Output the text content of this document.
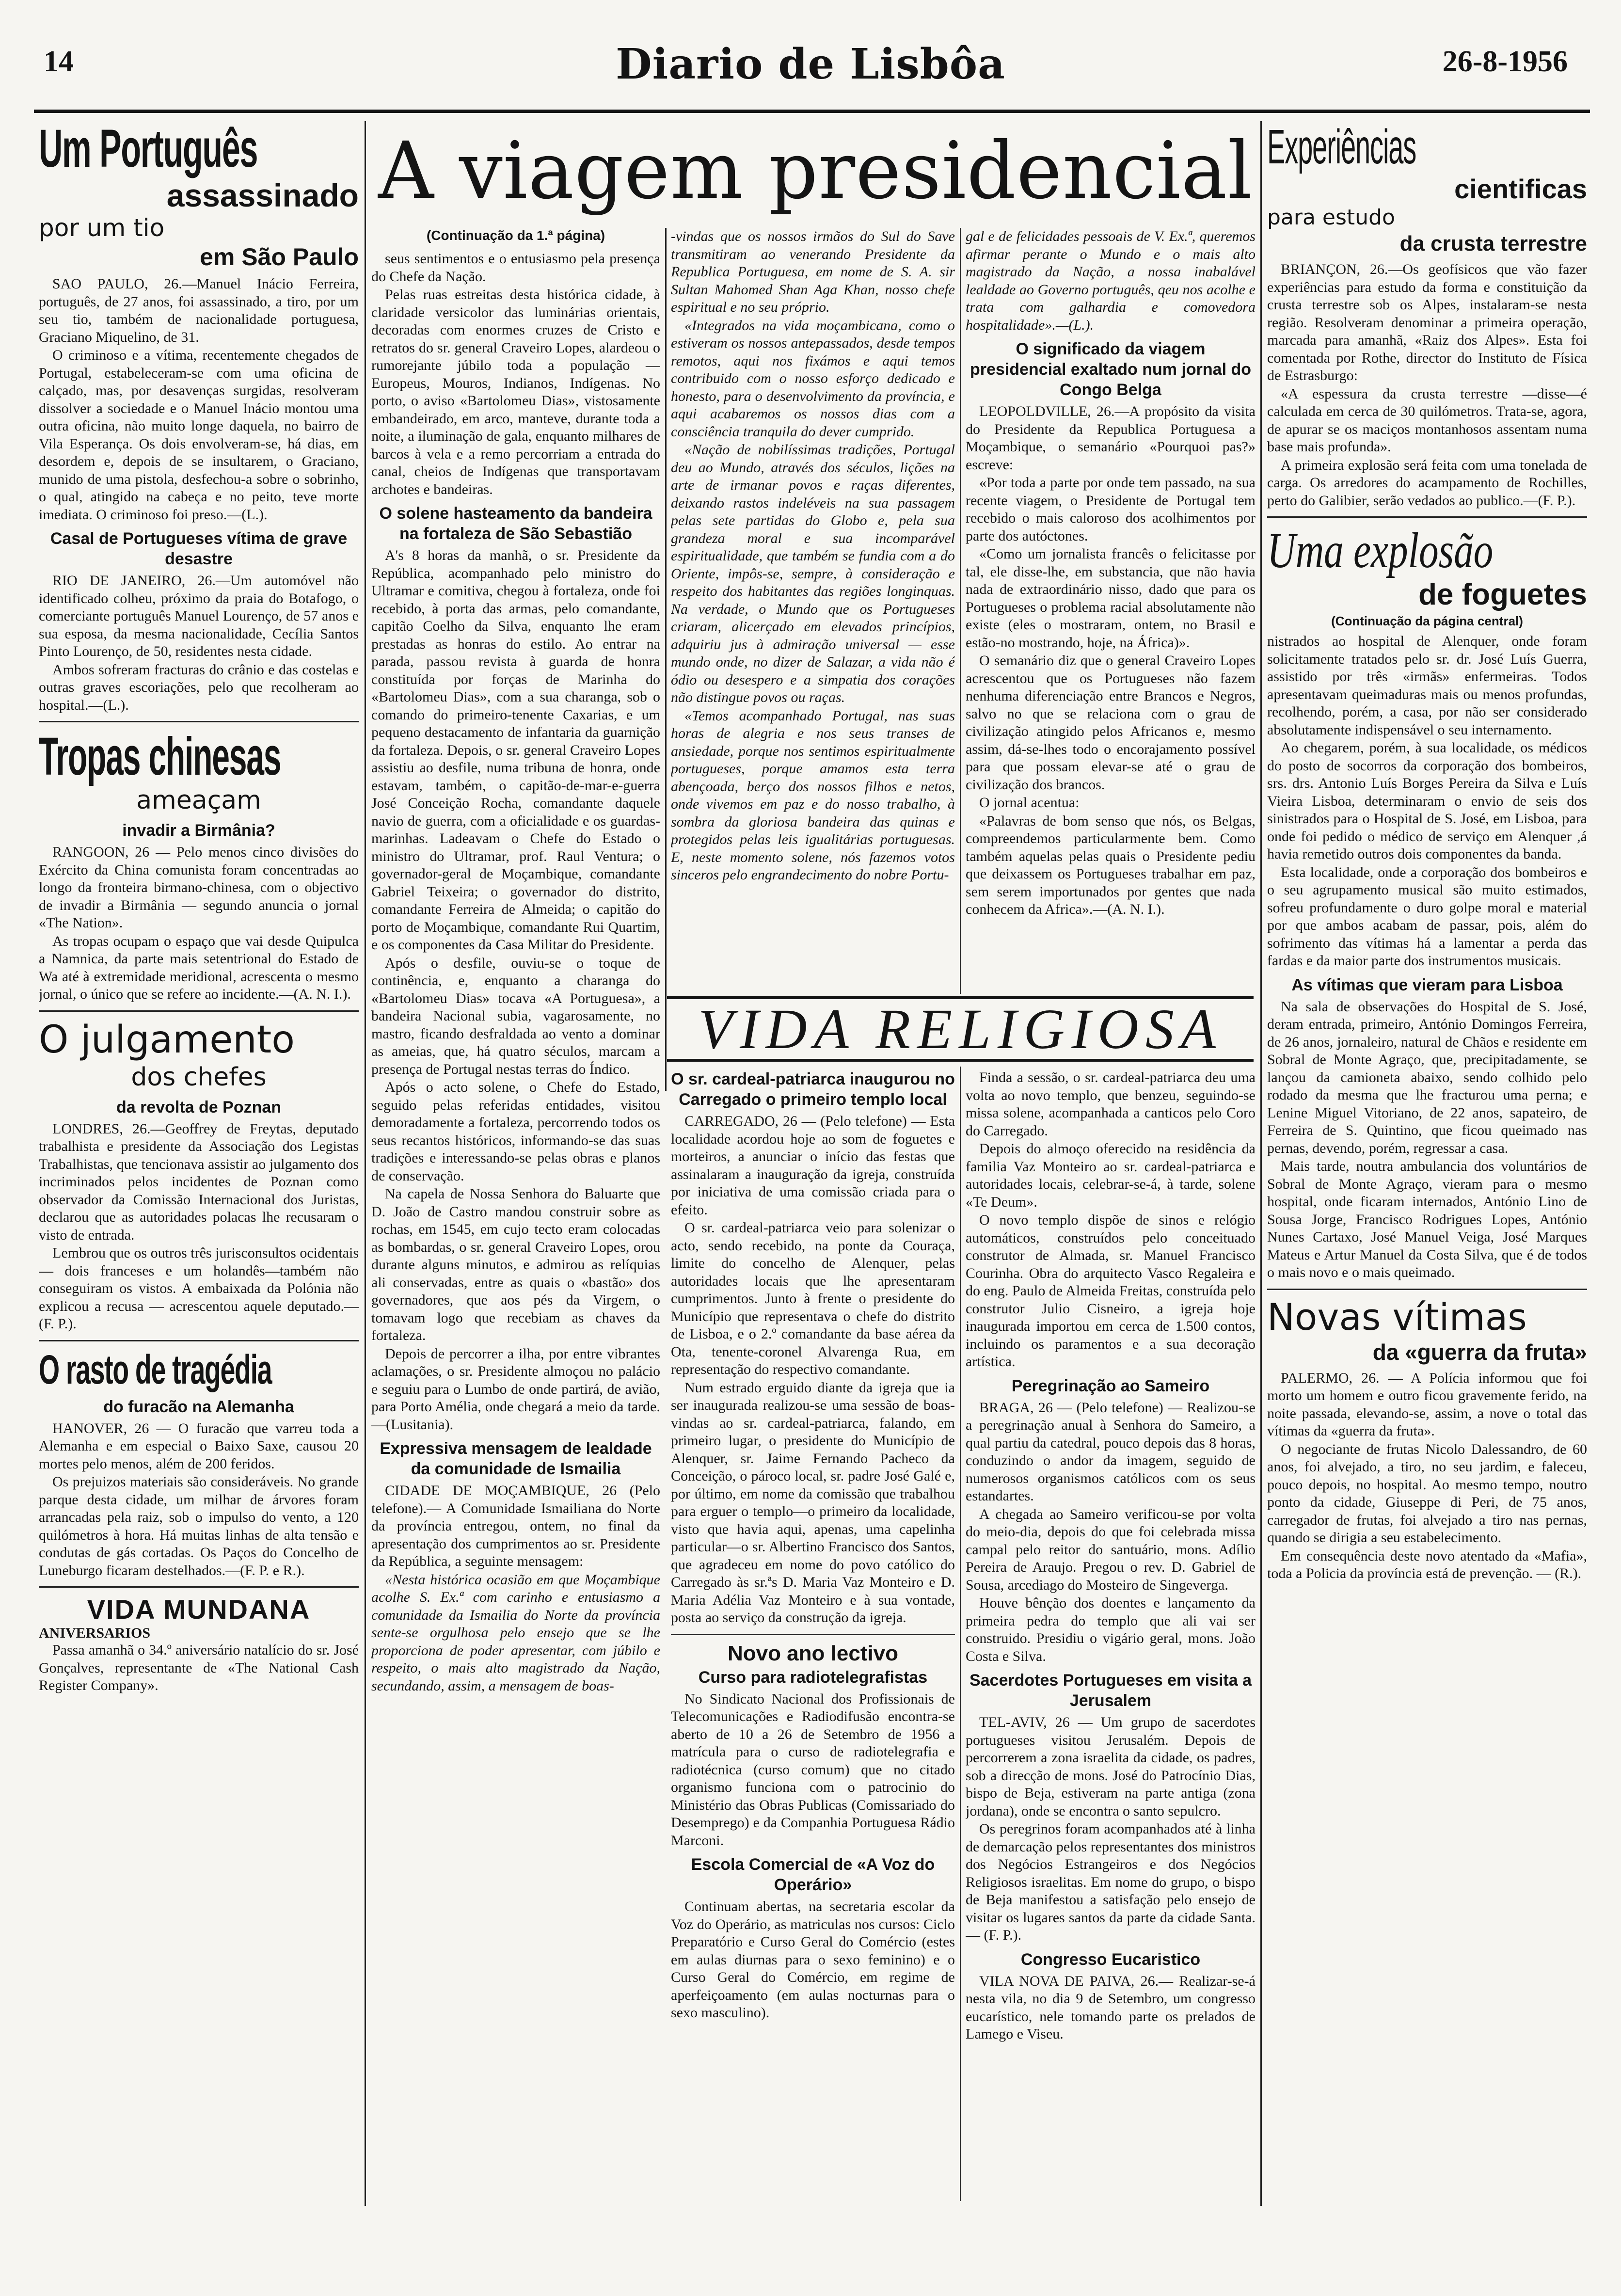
14	Diario de Lisbôa	26-8-1956
A viagem presidencial
Um Português
assassinado
por um tio
em São Paulo

SAO PAULO, 26.—Manuel Inácio Ferreira, português, de 27 anos, foi assassinado, a tiro, por um seu tio, também de nacionalidade portuguesa, Graciano Miquelino, de 31.

O criminoso e a vítima, recentemente chegados de Portugal, estabeleceram-se com uma oficina de calçado, mas, por desavenças surgidas, resolveram dissolver a sociedade e o Manuel Inácio montou uma outra oficina, não muito longe daquela, no bairro de Vila Esperança. Os dois envolveram-se, há dias, em desordem e, depois de se insultarem, o Graciano, munido de uma pistola, desfechou-a sobre o sobrinho, o qual, atingido na cabeça e no peito, teve morte imediata. O criminoso foi preso.—(L.).

Casal de Portugueses vítima de grave desastre

RIO DE JANEIRO, 26.—Um automóvel não identificado colheu, próximo da praia do Botafogo, o comerciante português Manuel Lourenço, de 57 anos e sua esposa, da mesma nacionalidade, Cecília Santos Pinto Lourenço, de 50, residentes nesta cidade.

Ambos sofreram fracturas do crânio e das costelas e outras graves escoriações, pelo que recolheram ao hospital.—(L.).

Tropas chinesas
ameaçam
invadir a Birmânia?

RANGOON, 26 — Pelo menos cinco divisões do Exército da China comunista foram concentradas ao longo da fronteira birmano-chinesa, com o objectivo de invadir a Birmânia — segundo anuncia o jornal «The Nation».

As tropas ocupam o espaço que vai desde Quipulca a Namnica, da parte mais setentrional do Estado de Wa até à extremidade meridional, acrescenta o mesmo jornal, o único que se refere ao incidente.—(A. N. I.).

O julgamento
dos chefes
da revolta de Poznan

LONDRES, 26.—Geoffrey de Freytas, deputado trabalhista e presidente da Associação dos Legistas Trabalhistas, que tencionava assistir ao julgamento dos incriminados pelos incidentes de Poznan como observador da Comissão Internacional dos Juristas, declarou que as autoridades polacas lhe recusaram o visto de entrada.

Lembrou que os outros três jurisconsultos ocidentais — dois franceses e um holandês—também não conseguiram os vistos. A embaixada da Polónia não explicou a recusa — acrescentou aquele deputado.—(F. P.).

O rasto de tragédia
do furacão na Alemanha

HANOVER, 26 — O furacão que varreu toda a Alemanha e em especial o Baixo Saxe, causou 20 mortes pelo menos, além de 200 feridos.

Os prejuizos materiais são consideráveis. No grande parque desta cidade, um milhar de árvores foram arrancadas pela raiz, sob o impulso do vento, a 120 quilómetros à hora. Há muitas linhas de alta tensão e condutas de gás cortadas. Os Paços do Concelho de Luneburgo ficaram destelhados.—(F. P. e R.).

VIDA MUNDANA
ANIVERSARIOS

Passa amanhã o 34.º aniversário natalício do sr. José Gonçalves, representante de «The National Cash Register Company».

(Continuação da 1.ª página)

seus sentimentos e o entusiasmo pela presença do Chefe da Nação.

Pelas ruas estreitas desta histórica cidade, à claridade versicolor das luminárias orientais, decoradas com enormes cruzes de Cristo e retratos do sr. general Craveiro Lopes, alardeou o rumorejante júbilo toda a população — Europeus, Mouros, Indianos, Indígenas. No porto, o aviso «Bartolomeu Dias», vistosamente embandeirado, em arco, manteve, durante toda a noite, a iluminação de gala, enquanto milhares de barcos à vela e a remo percorriam a entrada do canal, cheios de Indígenas que transportavam archotes e bandeiras.

O solene hasteamento da bandeira na fortaleza de São Sebastião

A's 8 horas da manhã, o sr. Presidente da República, acompanhado pelo ministro do Ultramar e comitiva, chegou à fortaleza, onde foi recebido, à porta das armas, pelo comandante, capitão Coelho da Silva, enquanto lhe eram prestadas as honras do estilo. Ao entrar na parada, passou revista à guarda de honra constituída por forças de Marinha do «Bartolomeu Dias», com a sua charanga, sob o comando do primeiro-tenente Caxarias, e um pequeno destacamento de infantaria da guarnição da fortaleza. Depois, o sr. general Craveiro Lopes assistiu ao desfile, numa tribuna de honra, onde estavam, também, o capitão-de-mar-e-guerra José Conceição Rocha, comandante daquele navio de guerra, com a oficialidade e os guardas-marinhas. Ladeavam o Chefe do Estado o ministro do Ultramar, prof. Raul Ventura; o governador-geral de Moçambique, comandante Gabriel Teixeira; o governador do distrito, comandante Ferreira de Almeida; o capitão do porto de Moçambique, comandante Rui Quartim, e os componentes da Casa Militar do Presidente.

Após o desfile, ouviu-se o toque de continência, e, enquanto a charanga do «Bartolomeu Dias» tocava «A Portuguesa», a bandeira Nacional subia, vagarosamente, no mastro, ficando desfraldada ao vento a dominar as ameias, que, há quatro séculos, marcam a presença de Portugal nestas terras do Índico.

Após o acto solene, o Chefe do Estado, seguido pelas referidas entidades, visitou demoradamente a fortaleza, percorrendo todos os seus recantos históricos, informando-se das suas tradições e interessando-se pelas obras e planos de conservação.

Na capela de Nossa Senhora do Baluarte que D. João de Castro mandou construir sobre as rochas, em 1545, em cujo tecto eram colocadas as bombardas, o sr. general Craveiro Lopes, orou durante alguns minutos, e admirou as relíquias ali conservadas, entre as quais o «bastão» dos governadores, que aos pés da Virgem, o tomavam logo que recebiam as chaves da fortaleza.

Depois de percorrer a ilha, por entre vibrantes aclamações, o sr. Presidente almoçou no palácio e seguiu para o Lumbo de onde partirá, de avião, para Porto Amélia, onde chegará a meio da tarde.—(Lusitania).

Expressiva mensagem de lealdade da comunidade de Ismailia

CIDADE DE MOÇAMBIQUE, 26 (Pelo telefone).— A Comunidade Ismailiana do Norte da província entregou, ontem, no final da apresentação dos cumprimentos ao sr. Presidente da República, a seguinte mensagem:

«Nesta histórica ocasião em que Moçambique acolhe S. Ex.ª com carinho e entusiasmo a comunidade da Ismailia do Norte da província sente-se orgulhosa pelo ensejo que se lhe proporciona de poder apresentar, com júbilo e respeito, o mais alto magistrado da Nação, secundando, assim, a mensagem de boas-

-vindas que os nossos irmãos do Sul do Save transmitiram ao venerando Presidente da Republica Portuguesa, em nome de S. A. sir Sultan Mahomed Shan Aga Khan, nosso chefe espiritual e no seu próprio.

«Integrados na vida moçambicana, como o estiveram os nossos antepassados, desde tempos remotos, aqui nos fixámos e aqui temos contribuido com o nosso esforço dedicado e honesto, para o desenvolvimento da província, e aqui acabaremos os nossos dias com a consciência tranquila do dever cumprido.

«Nação de nobilíssimas tradições, Portugal deu ao Mundo, através dos séculos, lições na arte de irmanar povos e raças diferentes, deixando rastos indeléveis na sua passagem pelas sete partidas do Globo e, pela sua grandeza moral e sua incomparável espiritualidade, que também se fundia com a do Oriente, impôs-se, sempre, à consideração e respeito dos habitantes das regiões longinquas. Na verdade, o Mundo que os Portugueses criaram, alicerçado em elevados princípios, adquiriu jus à admiração universal — esse mundo onde, no dizer de Salazar, a vida não é ódio ou desespero e a simpatia dos corações não distingue povos ou raças.

«Temos acompanhado Portugal, nas suas horas de alegria e nos seus transes de ansiedade, porque nos sentimos espiritualmente portugueses, porque amamos esta terra abençoada, berço dos nossos filhos e netos, onde vivemos em paz e do nosso trabalho, à sombra da gloriosa bandeira das quinas e protegidos pelas leis igualitárias portuguesas. E, neste momento solene, nós fazemos votos sinceros pelo engrandecimento do nobre Portu-

gal e de felicidades pessoais de V. Ex.ª, queremos afirmar perante o Mundo e o mais alto magistrado da Nação, a nossa inabalável lealdade ao Governo português, qeu nos acolhe e trata com galhardia e comovedora hospitalidade».—(L.).

O significado da viagem presidencial exaltado num jornal do Congo Belga

LEOPOLDVILLE, 26.—A propósito da visita do Presidente da Republica Portuguesa a Moçambique, o semanário «Pourquoi pas?» escreve:

«Por toda a parte por onde tem passado, na sua recente viagem, o Presidente de Portugal tem recebido o mais caloroso dos acolhimentos por parte dos autóctones.

«Como um jornalista francês o felicitasse por tal, ele disse-lhe, em substancia, que não havia nada de extraordinário nisso, dado que para os Portugueses o problema racial absolutamente não existe (eles o mostraram, ontem, no Brasil e estão-no mostrando, hoje, na África)».

O semanário diz que o general Craveiro Lopes acrescentou que os Portugueses não fazem nenhuma diferenciação entre Brancos e Negros, salvo no que se relaciona com o grau de civilização atingido pelos Africanos e, mesmo assim, dá-se-lhes todo o encorajamento possível para que possam elevar-se até o grau de civilização dos brancos.

O jornal acentua:

«Palavras de bom senso que nós, os Belgas, compreendemos particularmente bem. Como também aquelas pelas quais o Presidente pediu que deixassem os Portugueses trabalhar em paz, sem serem importunados por gentes que nada conhecem da Africa».—(A. N. I.).

VIDA RELIGIOSA
O sr. cardeal-patriarca inaugurou no Carregado o primeiro templo local

CARREGADO, 26 — (Pelo telefone) — Esta localidade acordou hoje ao som de foguetes e morteiros, a anunciar o início das festas que assinalaram a inauguração da igreja, construída por iniciativa de uma comissão criada para o efeito.

O sr. cardeal-patriarca veio para solenizar o acto, sendo recebido, na ponte da Couraça, limite do concelho de Alenquer, pelas autoridades locais que lhe apresentaram cumprimentos. Junto à frente o presidente do Município que representava o chefe do distrito de Lisboa, e o 2.º comandante da base aérea da Ota, tenente-coronel Alvarenga Rua, em representação do respectivo comandante.

Num estrado erguido diante da igreja que ia ser inaugurada realizou-se uma sessão de boas-vindas ao sr. cardeal-patriarca, falando, em primeiro lugar, o presidente do Município de Alenquer, sr. Jaime Fernando Pacheco da Conceição, o pároco local, sr. padre José Galé e, por último, em nome da comissão que trabalhou para erguer o templo—o primeiro da localidade, visto que havia aqui, apenas, uma capelinha particular—o sr. Albertino Francisco dos Santos, que agradeceu em nome do povo católico do Carregado às sr.ªs D. Maria Vaz Monteiro e D. Maria Adélia Vaz Monteiro e à sua vontade, posta ao serviço da construção da igreja.

Novo ano lectivo
Curso para radiotelegrafistas

No Sindicato Nacional dos Profissionais de Telecomunicações e Radiodifusão encontra-se aberto de 10 a 26 de Setembro de 1956 a matrícula para o curso de radiotelegrafia e radiotécnica (curso comum) que no citado organismo funciona com o patrocinio do Ministério das Obras Publicas (Comissariado do Desemprego) e da Companhia Portuguesa Rádio Marconi.

Escola Comercial de «A Voz do Operário»

Continuam abertas, na secretaria escolar da Voz do Operário, as matriculas nos cursos: Ciclo Preparatório e Curso Geral do Comércio (estes em aulas diurnas para o sexo feminino) e o Curso Geral do Comércio, em regime de aperfeiçoamento (em aulas nocturnas para o sexo masculino).

Finda a sessão, o sr. cardeal-patriarca deu uma volta ao novo templo, que benzeu, seguindo-se missa solene, acompanhada a canticos pelo Coro do Carregado.

Depois do almoço oferecido na residência da familia Vaz Monteiro ao sr. cardeal-patriarca e autoridades locais, celebrar-se-á, à tarde, solene «Te Deum».

O novo templo dispõe de sinos e relógio automáticos, construídos pelo conceituado construtor de Almada, sr. Manuel Francisco Courinha. Obra do arquitecto Vasco Regaleira e do eng. Paulo de Almeida Freitas, construída pelo construtor Julio Cisneiro, a igreja hoje inaugurada importou em cerca de 1.500 contos, incluindo os paramentos e a sua decoração artística.

Peregrinação ao Sameiro

BRAGA, 26 — (Pelo telefone) — Realizou-se a peregrinação anual à Senhora do Sameiro, a qual partiu da catedral, pouco depois das 8 horas, conduzindo o andor da imagem, seguido de numerosos organismos católicos com os seus estandartes.

A chegada ao Sameiro verificou-se por volta do meio-dia, depois do que foi celebrada missa campal pelo reitor do santuário, mons. Adílio Pereira de Araujo. Pregou o rev. D. Gabriel de Sousa, arcediago do Mosteiro de Singeverga.

Houve bênção dos doentes e lançamento da primeira pedra do templo que ali vai ser construido. Presidiu o vigário geral, mons. João Costa e Silva.

Sacerdotes Portugueses em visita a Jerusalem

TEL-AVIV, 26 — Um grupo de sacerdotes portugueses visitou Jerusalém. Depois de percorrerem a zona israelita da cidade, os padres, sob a direcção de mons. José do Patrocínio Dias, bispo de Beja, estiveram na parte antiga (zona jordana), onde se encontra o santo sepulcro.

Os peregrinos foram acompanhados até à linha de demarcação pelos representantes dos ministros dos Negócios Estrangeiros e dos Negócios Religiosos israelitas. Em nome do grupo, o bispo de Beja manifestou a satisfação pelo ensejo de visitar os lugares santos da parte da cidade Santa. — (F. P.).

Congresso Eucaristico

VILA NOVA DE PAIVA, 26.— Realizar-se-á nesta vila, no dia 9 de Setembro, um congresso eucarístico, nele tomando parte os prelados de Lamego e Viseu.

Experiências
cientificas
para estudo
da crusta terrestre

BRIANÇON, 26.—Os geofísicos que vão fazer experiências para estudo da forma e constituição da crusta terrestre sob os Alpes, instalaram-se nesta região. Resolveram denominar a primeira operação, marcada para amanhã, «Raiz dos Alpes». Esta foi comentada por Rothe, director do Instituto de Física de Estrasburgo:

«A espessura da crusta terrestre —disse—é calculada em cerca de 30 quilómetros. Trata-se, agora, de apurar se os maciços montanhosos assentam numa base mais profunda».

A primeira explosão será feita com uma tonelada de carga. Os arredores do acampamento de Rochilles, perto do Galibier, serão vedados ao publico.—(F. P.).

Uma explosão
de foguetes
(Continuação da página central)

nistrados ao hospital de Alenquer, onde foram solicitamente tratados pelo sr. dr. José Luís Guerra, assistido por três «irmãs» enfermeiras. Todos apresentavam queimaduras mais ou menos profundas, recolhendo, porém, a casa, por não ser considerado absolutamente indispensável o seu internamento.

Ao chegarem, porém, à sua localidade, os médicos do posto de socorros da corporação dos bombeiros, srs. drs. Antonio Luís Borges Pereira da Silva e Luís Vieira Lisboa, determinaram o envio de seis dos sinistrados para o Hospital de S. José, em Lisboa, para onde foi pedido o médico de serviço em Alenquer ,á havia remetido outros dois componentes da banda.

Esta localidade, onde a corporação dos bombeiros e o seu agrupamento musical são muito estimados, sofreu profundamente o duro golpe moral e material por que ambos acabam de passar, pois, além do sofrimento das vítimas há a lamentar a perda das fardas e da maior parte dos instrumentos musicais.

As vítimas que vieram para Lisboa

Na sala de observações do Hospital de S. José, deram entrada, primeiro, António Domingos Ferreira, de 26 anos, jornaleiro, natural de Chãos e residente em Sobral de Monte Agraço, que, precipitadamente, se lançou da camioneta abaixo, sendo colhido pelo rodado da mesma que lhe fracturou uma perna; e Lenine Miguel Vitoriano, de 22 anos, sapateiro, de Ferreira de S. Quintino, que ficou queimado nas pernas, devendo, porém, regressar a casa.

Mais tarde, noutra ambulancia dos voluntários de Sobral de Monte Agraço, vieram para o mesmo hospital, onde ficaram internados, António Lino de Sousa Jorge, Francisco Rodrigues Lopes, António Nunes Cartaxo, José Manuel Veiga, José Marques Mateus e Artur Manuel da Costa Silva, que é de todos o mais novo e o mais queimado.

Novas vítimas
da «guerra da fruta»

PALERMO, 26. — A Polícia informou que foi morto um homem e outro ficou gravemente ferido, na noite passada, elevando-se, assim, a nove o total das vítimas da «guerra da fruta».

O negociante de frutas Nicolo Dalessandro, de 60 anos, foi alvejado, a tiro, no seu jardim, e faleceu, pouco depois, no hospital. Ao mesmo tempo, noutro ponto da cidade, Giuseppe di Peri, de 75 anos, carregador de frutas, foi alvejado a tiro nas pernas, quando se dirigia a seu estabelecimento.

Em consequência deste novo atentado da «Mafia», toda a Policia da província está de prevenção. — (R.).
